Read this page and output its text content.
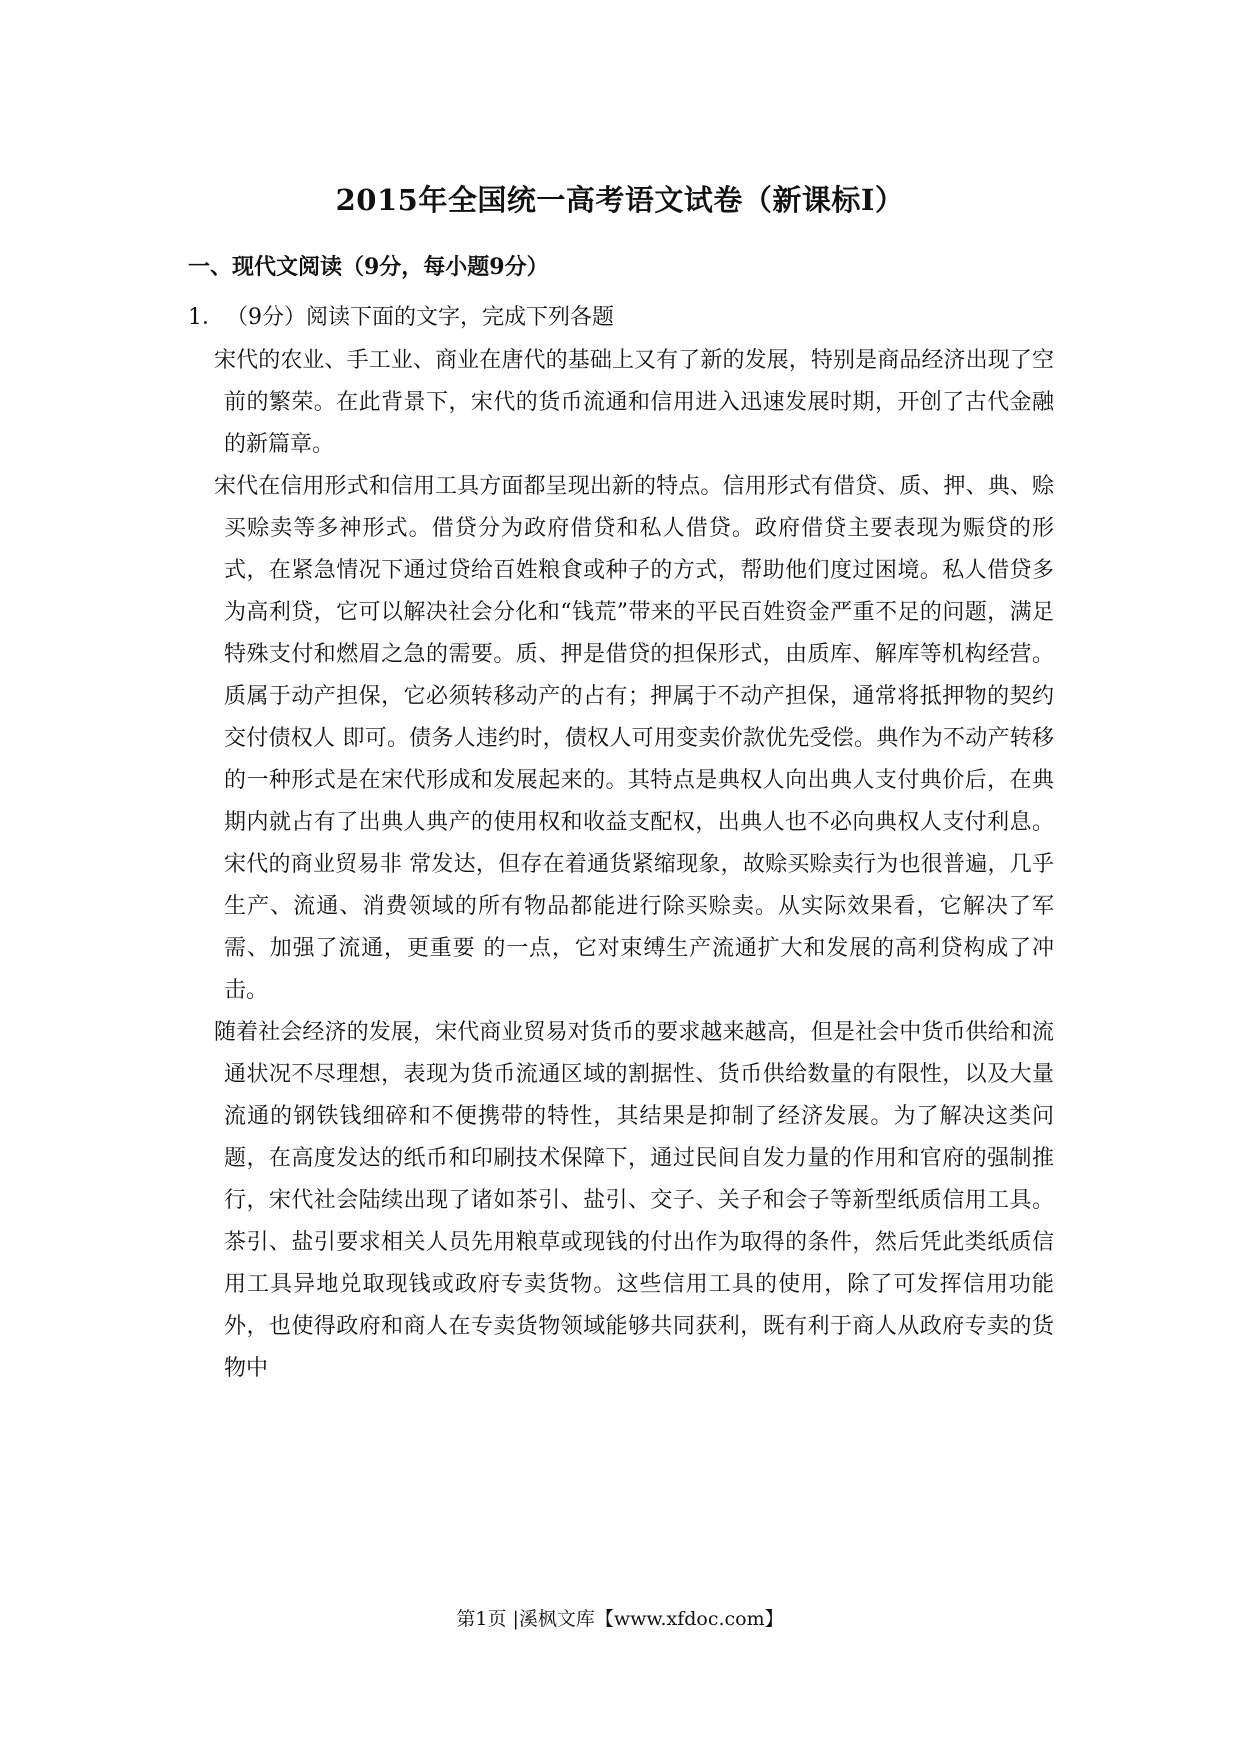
2015年全国统一高考语文试卷（新课标Ⅰ）
一、现代文阅读（9分，每小题9分）
1．（9分）阅读下面的文字，完成下列各题

宋代的农业、手工业、商业在唐代的基础上又有了新的发展，特别是商品经济出现了空前的繁荣。在此背景下，宋代的货币流通和信用进入迅速发展时期，开创了古代金融的新篇章。

宋代在信用形式和信用工具方面都呈现出新的特点。信用形式有借贷、质、押、典、赊买赊卖等多神形式。借贷分为政府借贷和私人借贷。政府借贷主要表现为赈贷的形式，在紧急情况下通过贷给百姓粮食或种子的方式，帮助他们度过困境。私人借贷多为高利贷，它可以解决社会分化和“钱荒”带来的平民百姓资金严重不足的问题，满足特殊支付和燃眉之急的需要。质、押是借贷的担保形式，由质库、解库等机构经营。质属于动产担保，它必须转移动产的占有；押属于不动产担保，通常将抵押物的契约交付债权人 即可。债务人违约时，债权人可用变卖价款优先受偿。典作为不动产转移的一种形式是在宋代形成和发展起来的。其特点是典权人向出典人支付典价后，在典期内就占有了出典人典产的使用权和收益支配权，出典人也不必向典权人支付利息。宋代的商业贸易非 常发达，但存在着通货紧缩现象，故赊买赊卖行为也很普遍，几乎生产、流通、消费领域的所有物品都能进行除买赊卖。从实际效果看，它解决了军需、加强了流通，更重要 的一点，它对束缚生产流通扩大和发展的高利贷构成了冲击。

随着社会经济的发展，宋代商业贸易对货币的要求越来越高，但是社会中货币供给和流通状况不尽理想，表现为货币流通区域的割据性、货币供给数量的有限性，以及大量流通的钢铁钱细碎和不便携带的特性，其结果是抑制了经济发展。为了解决这类问题，在高度发达的纸币和印刷技术保障下，通过民间自发力量的作用和官府的强制推行，宋代社会陆续出现了诸如茶引、盐引、交子、关子和会子等新型纸质信用工具。茶引、盐引要求相关人员先用粮草或现钱的付出作为取得的条件，然后凭此类纸质信用工具异地兑取现钱或政府专卖货物。这些信用工具的使用，除了可发挥信用功能外，也使得政府和商人在专卖货物领域能够共同获利，既有利于商人从政府专卖的货物中

第1页 |溪枫文库【www.xfdoc.com】
